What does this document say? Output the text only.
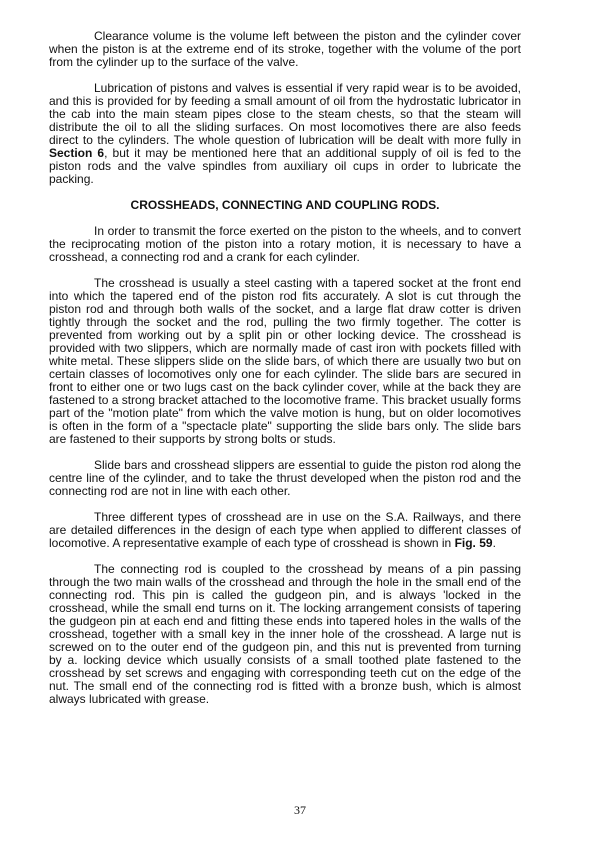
Clearance volume is the volume left between the piston and the cylinder cover when the piston is at the extreme end of its stroke, together with the volume of the port from the cylinder up to the surface of the valve.

Lubrication of pistons and valves is essential if very rapid wear is to be avoided, and this is provided for by feeding a small amount of oil from the hydrostatic lubricator in the cab into the main steam pipes close to the steam chests, so that the steam will distribute the oil to all the sliding surfaces. On most locomotives there are also feeds direct to the cylinders. The whole question of lubrication will be dealt with more fully in Section 6, but it may be mentioned here that an additional supply of oil is fed to the piston rods and the valve spindles from auxiliary oil cups in order to lubricate the packing.

CROSSHEADS, CONNECTING AND COUPLING RODS.

In order to transmit the force exerted on the piston to the wheels, and to convert the reciprocating motion of the piston into a rotary motion, it is necessary to have a crosshead, a connecting rod and a crank for each cylinder.

The crosshead is usually a steel casting with a tapered socket at the front end into which the tapered end of the piston rod fits accurately. A slot is cut through the piston rod and through both walls of the socket, and a large flat draw cotter is driven tightly through the socket and the rod, pulling the two firmly together. The cotter is prevented from working out by a split pin or other locking device. The crosshead is provided with two slippers, which are normally made of cast iron with pockets filled with white metal. These slippers slide on the slide bars, of which there are usually two but on certain classes of locomotives only one for each cylinder. The slide bars are secured in front to either one or two lugs cast on the back cylinder cover, while at the back they are fastened to a strong bracket attached to the locomotive frame. This bracket usually forms part of the "motion plate" from which the valve motion is hung, but on older locomotives is often in the form of a "spectacle plate" supporting the slide bars only. The slide bars are fastened to their supports by strong bolts or studs.

Slide bars and crosshead slippers are essential to guide the piston rod along the centre line of the cylinder, and to take the thrust developed when the piston rod and the connecting rod are not in line with each other.

Three different types of crosshead are in use on the S.A. Railways, and there are detailed differences in the design of each type when applied to different classes of locomotive. A representative example of each type of crosshead is shown in Fig. 59.

The connecting rod is coupled to the crosshead by means of a pin passing through the two main walls of the crosshead and through the hole in the small end of the connecting rod. This pin is called the gudgeon pin, and is always 'locked in the crosshead, while the small end turns on it. The locking arrangement consists of tapering the gudgeon pin at each end and fitting these ends into tapered holes in the walls of the crosshead, together with a small key in the inner hole of the crosshead. A large nut is screwed on to the outer end of the gudgeon pin, and this nut is prevented from turning by a. locking device which usually consists of a small toothed plate fastened to the crosshead by set screws and engaging with corresponding teeth cut on the edge of the nut. The small end of the connecting rod is fitted with a bronze bush, which is almost always lubricated with grease.

37
